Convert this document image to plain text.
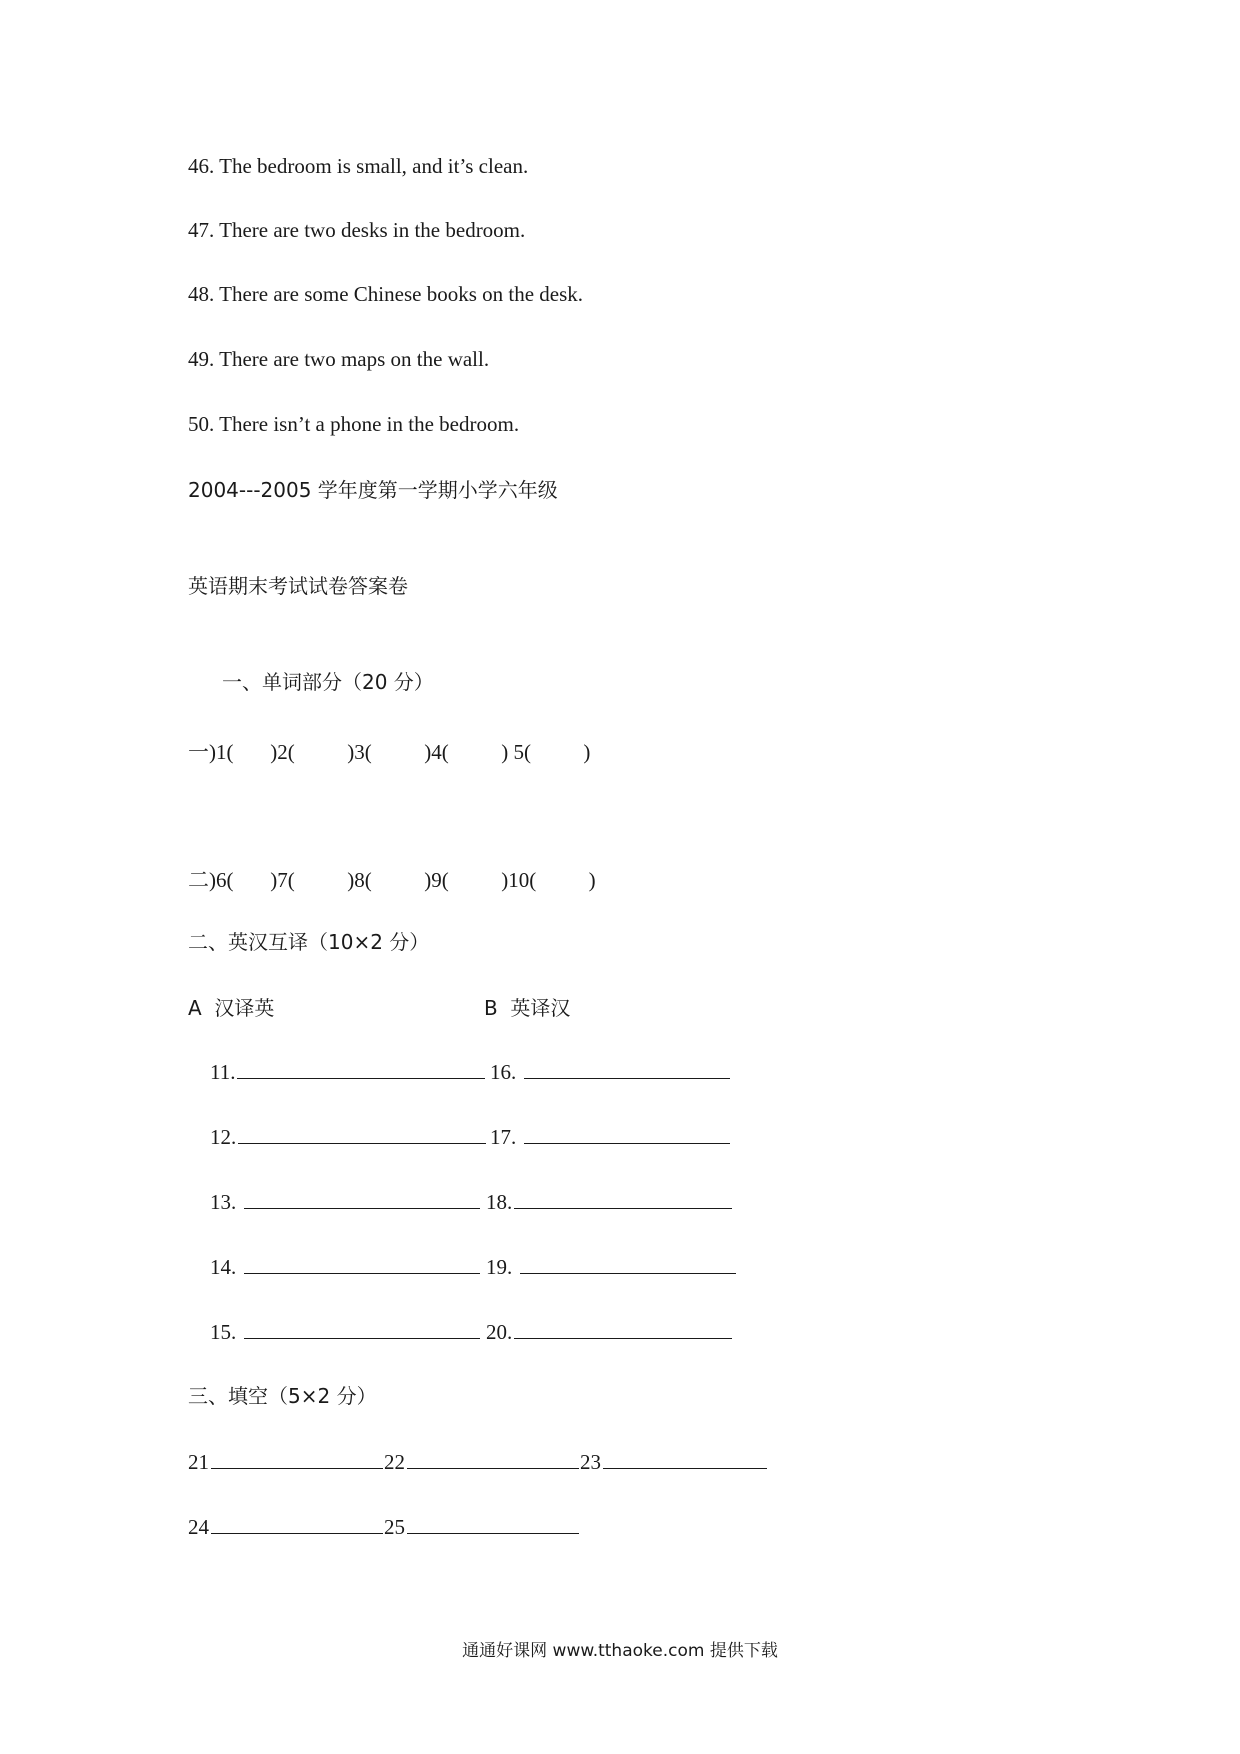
46. The bedroom is small, and it’s clean.
47. There are two desks in the bedroom.
48. There are some Chinese books on the desk.
49. There are two maps on the wall.
50. There isn’t a phone in the bedroom.
2004---2005 学年度第一学期小学六年级
英语期末考试试卷答案卷
一、单词部分（20 分）
一)1(       )2(          )3(          )4(          ) 5(          )
二)6(       )7(          )8(          )9(          )10(          )
二、英汉互译（10×2 分）
A  汉译英	B  英译汉
11.	16.
12.	17.
13.	18.
14.	19.
15.	20.
三、填空（5×2 分）
21	22	23
24	25
通通好课网 www.tthaoke.com 提供下载
